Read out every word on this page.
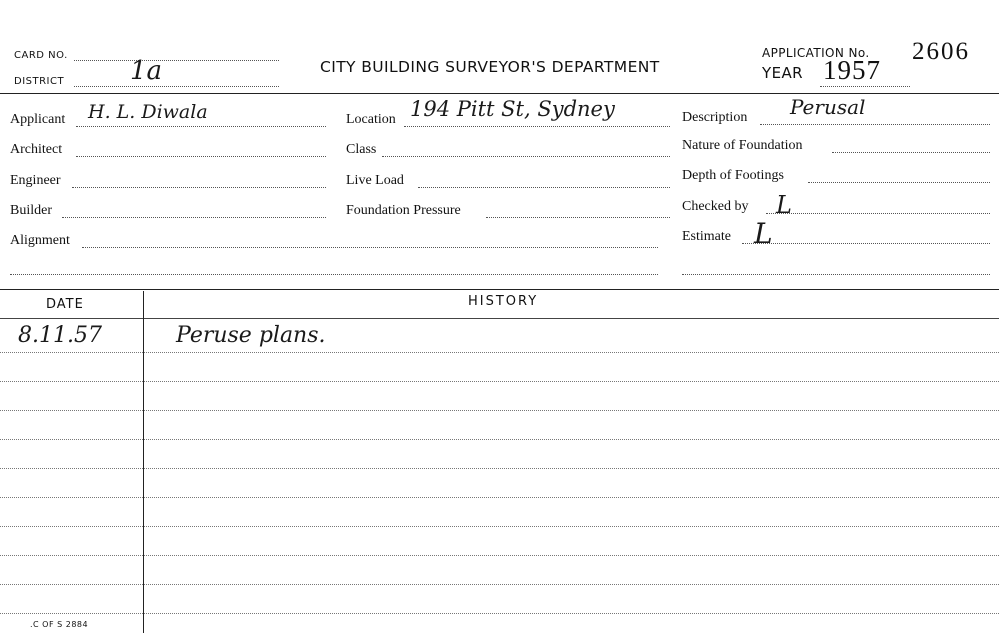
CARD NO.
DISTRICT	1a	CITY BUILDING SURVEYOR'S DEPARTMENT
APPLICATION No. 2606
YEAR 1957
Applicant H. L. Diwala
Architect
Engineer
Builder
Alignment
Location 194 Pitt St, Sydney
Class
Live Load
Foundation Pressure
Description Perusal
Nature of Foundation
Depth of Footings
Checked by L
Estimate L
DATE	HISTORY
8.11.57	Peruse plans.
.C OF S 2884
